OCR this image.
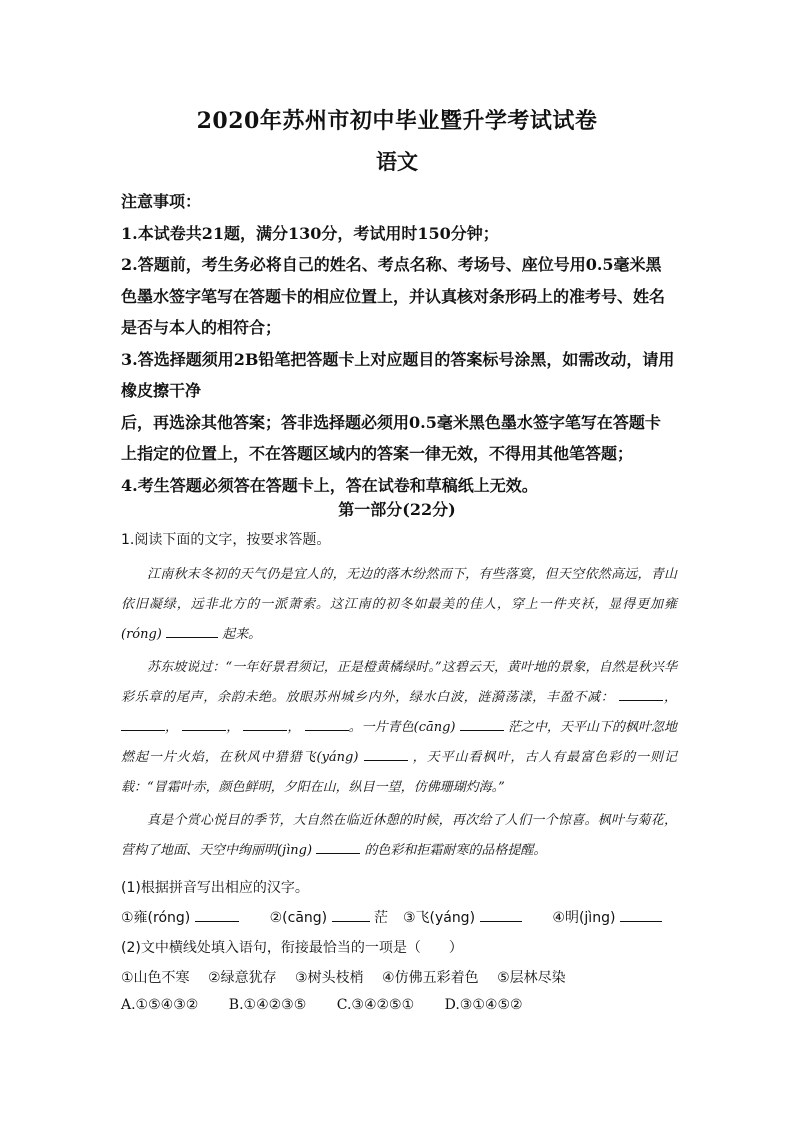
2020年苏州市初中毕业暨升学考试试卷
语文

注意事项：

1.本试卷共21题，满分130分，考试用时150分钟；

2.答题前，考生务必将自己的姓名、考点名称、考场号、座位号用0.5毫米黑

色墨水签字笔写在答题卡的相应位置上，并认真核对条形码上的准考号、姓名

是否与本人的相符合；

3.答选择题须用2B铅笔把答题卡上对应题目的答案标号涂黑，如需改动，请用

橡皮擦干净

后，再选涂其他答案；答非选择题必须用0.5毫米黑色墨水签字笔写在答题卡

上指定的位置上，不在答题区域内的答案一律无效，不得用其他笔答题；

4.考生答题必须答在答题卡上，答在试卷和草稿纸上无效。

第一部分(22分)
1.阅读下面的文字，按要求答题。

江南秋末冬初的天气仍是宜人的，无边的落木纷然而下，有些落寞，但天空依然高远，青山依旧凝绿，远非北方的一派萧索。这江南的初冬如最美的佳人，穿上一件夹袄，显得更加雍(róng)	起来。

苏东坡说过：“一年好景君须记，正是橙黄橘绿时。”这碧云天，黄叶地的景象，自然是秋兴华彩乐章的尾声，余韵未绝。放眼苏州城乡内外，绿水白波，涟漪荡漾，丰盈不减：	， ，	，	，	。一片青色(cāng)	茫之中，天平山下的枫叶忽地燃起一片火焰，在秋风中猎猎飞(yáng)	，天平山看枫叶，古人有最富色彩的一则记载：“冒霜叶赤，颜色鲜明，夕阳在山，纵目一望，仿佛珊瑚灼海。”

真是个赏心悦目的季节，大自然在临近休憩的时候，再次给了人们一个惊喜。枫叶与菊花，营构了地面、天空中绚丽明(jìng)	的色彩和拒霜耐寒的品格提醒。

(1)根据拼音写出相应的汉字。
①雍(róng)	②(cāng)	茫 ③飞(yáng)	④明(jìng)
(2)文中横线处填入语句，衔接最恰当的一项是（　　）
①山色不寒 ②绿意犹存 ③树头枝梢 ④仿佛五彩着色 ⑤层林尽染
A.①⑤④③② B.①④②③⑤ C.③④②⑤① D.③①④⑤②
